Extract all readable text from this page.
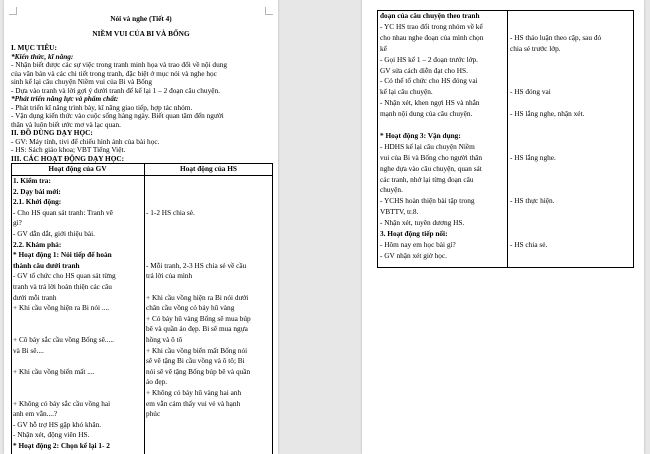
Nói và nghe (Tiết 4)
NIỀM VUI CỦA BI VÀ BỐNG
I. MỤC TIÊU:
*Kiến thức, kĩ năng:
- Nhận biết được các sự việc trong tranh minh họa và trao đổi về nội dung
của văn bản và các chi tiết trong tranh, đặc biệt ở mục nói và nghe học
sinh kể lại câu chuyện Niềm vui của Bi và Bống
- Dựa vào tranh và lời gợi ý dưới tranh để kể lại 1 – 2 đoạn câu chuyện.
*Phát triển năng lực và phẩm chất:
- Phát triển kĩ năng trình bày, kĩ năng giao tiếp, hợp tác nhóm.
- Vận dụng kiến thức vào cuộc sống hàng ngày. Biết quan tâm đến người
thân và luôn biết ước mơ và lạc quan.
II. ĐỒ DÙNG DẠY HỌC:
- GV: Máy tính, tivi để chiếu hình ảnh của bài học.
- HS: Sách giáo khoa; VBT Tiếng Việt.
III. CÁC HOẠT ĐỘNG DẠY HỌC:
Hoạt động của GV	Hoạt động của HS
1. Kiểm tra:
2. Dạy bài mới:
2.1. Khởi động:
- Cho HS quan sát tranh: Tranh vẽ
gì?
- GV dẫn dắt, giới thiệu bài.
2.2. Khám phá:
* Hoạt động 1: Nói tiếp để hoàn
thành câu dưới tranh
- GV tổ chức cho HS quan sát từng
tranh và trả lời hoàn thiện các câu
dưới mỗi tranh
+ Khi cầu vồng hiện ra Bi nói ....
+ Cô bảy sắc cầu vồng Bống sẽ.....
và Bi sẽ....
+ Khi cầu vồng biến mất ....
+ Không có bảy sắc cầu vồng hai
anh em vẫn....?
- GV hỗ trợ HS gặp khó khăn.
- Nhận xét, động viên HS.
* Hoạt động 2: Chọn kể lại 1- 2
- 1-2 HS chia sẻ.
- Mỗi tranh, 2-3 HS chia sẻ về cầu
trả lời của mình
+ Khi cầu vồng hiện ra Bi nói dưới
chân cầu vồng có bảy hũ vàng
+ Có bảy hũ vàng Bống sẽ mua búp
bê và quần áo đẹp. Bi sẽ mua ngựa
hồng và ô tô
+ Khi cầu vồng biến mất Bống nói
sẽ vẽ tặng Bi cầu vồng và ô tô; Bi
nói sẽ vẽ tặng Bống búp bê và quần
áo đẹp.
+ Không có bảy hũ vàng hai anh
em vẫn cảm thấy vui vẻ và hạnh
phúc
đoạn của câu chuyện theo tranh
- YC HS trao đổi trong nhóm về kể
cho nhau nghe đoạn của mình chọn
kể
- Gọi HS kể 1 – 2 đoạn trước lớp.
GV sửa cách diễn đạt cho HS.
- Có thể tổ chức cho HS đóng vai
kể lại câu chuyện.
- Nhận xét, khen ngợi HS và nhắn
mạnh nội dung của câu chuyện.
* Hoạt động 3: Vận dụng:
- HDHS kể lại câu chuyện Niềm
vui của Bi và Bống cho người thân
nghe dựa vào câu chuyện, quan sát
các tranh, nhớ lại từng đoạn câu
chuyện.
- YCHS hoàn thiện bài tập trong
VBTTV, tr.8.
- Nhận xét, tuyên dương HS.
3. Hoạt động tiếp nối:
- Hôm nay em học bài gì?
- GV nhận xét giờ học.
- HS thảo luận theo cặp, sau đó
chia sẻ trước lớp.
- HS đóng vai
- HS lắng nghe, nhận xét.
- HS lắng nghe.
- HS thực hiện.
- HS chia sẻ.
